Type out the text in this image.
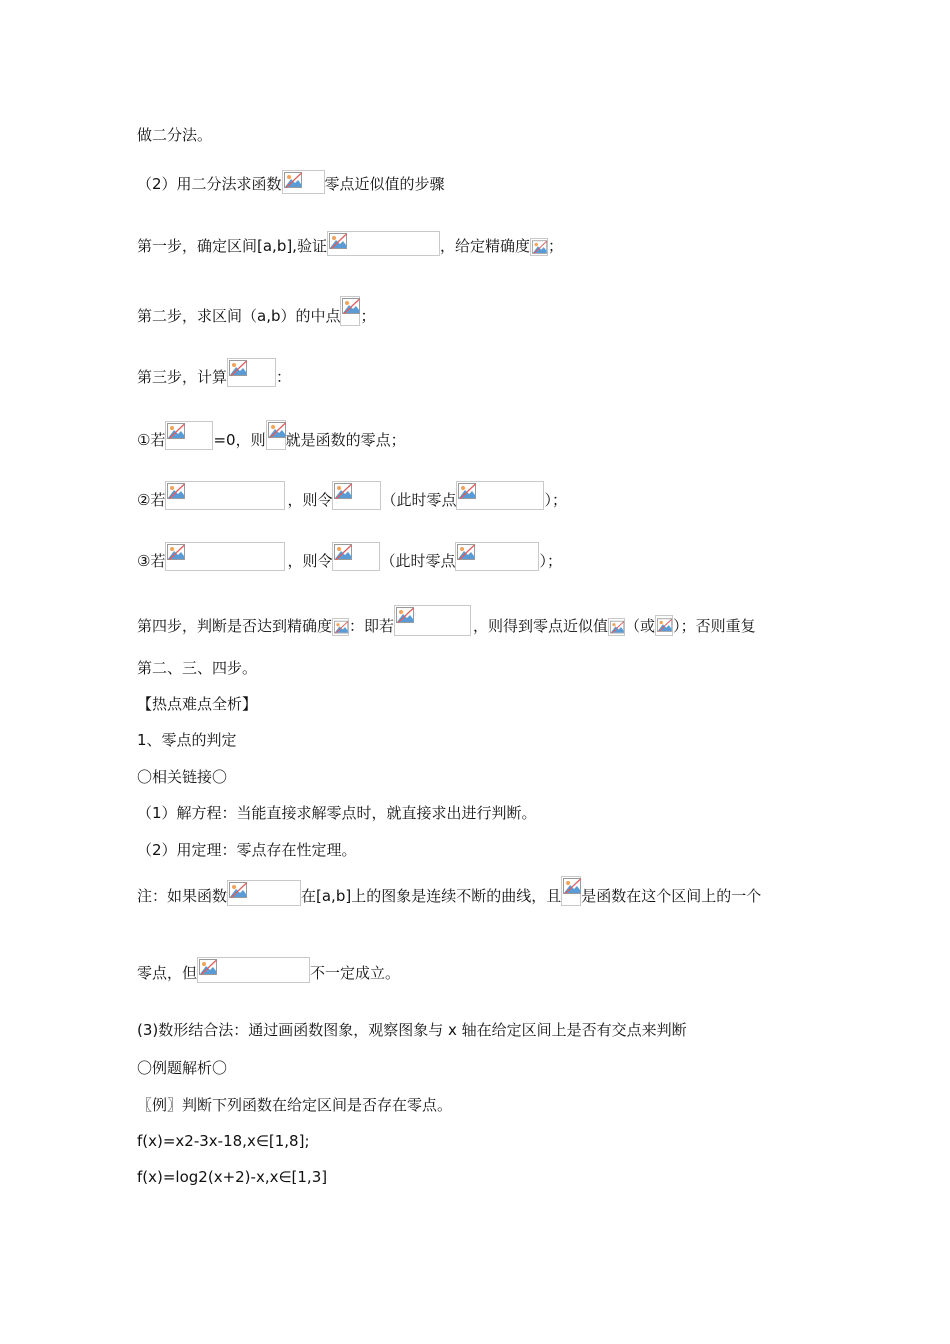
做二分法。
（2）用二分法求函数	零点近似值的步骤
第一步，确定区间[a,b],验证	，给定精确度 ；
第二步，求区间（a,b）的中点 ；
第三步，计算	：
①若	=0，则 就是函数的零点；
②若	，则令	（此时零点	）；
③若	，则令	（此时零点	）；
第四步，判断是否达到精确度 ：即若	，则得到零点近似值 （或 ）；否则重复
第二、三、四步。
【热点难点全析】
1、零点的判定
〇相关链接〇
（1）解方程：当能直接求解零点时，就直接求出进行判断。
（2）用定理：零点存在性定理。
注：如果函数	在[a,b]上的图象是连续不断的曲线，且 是函数在这个区间上的一个
零点，但	不一定成立。
(3)数形结合法：通过画函数图象，观察图象与 x 轴在给定区间上是否有交点来判断
〇例题解析〇
〖例〗判断下列函数在给定区间是否存在零点。
f(x)=x2-3x-18,x∈[1,8];
f(x)=log2(x+2)-x,x∈[1,3]
